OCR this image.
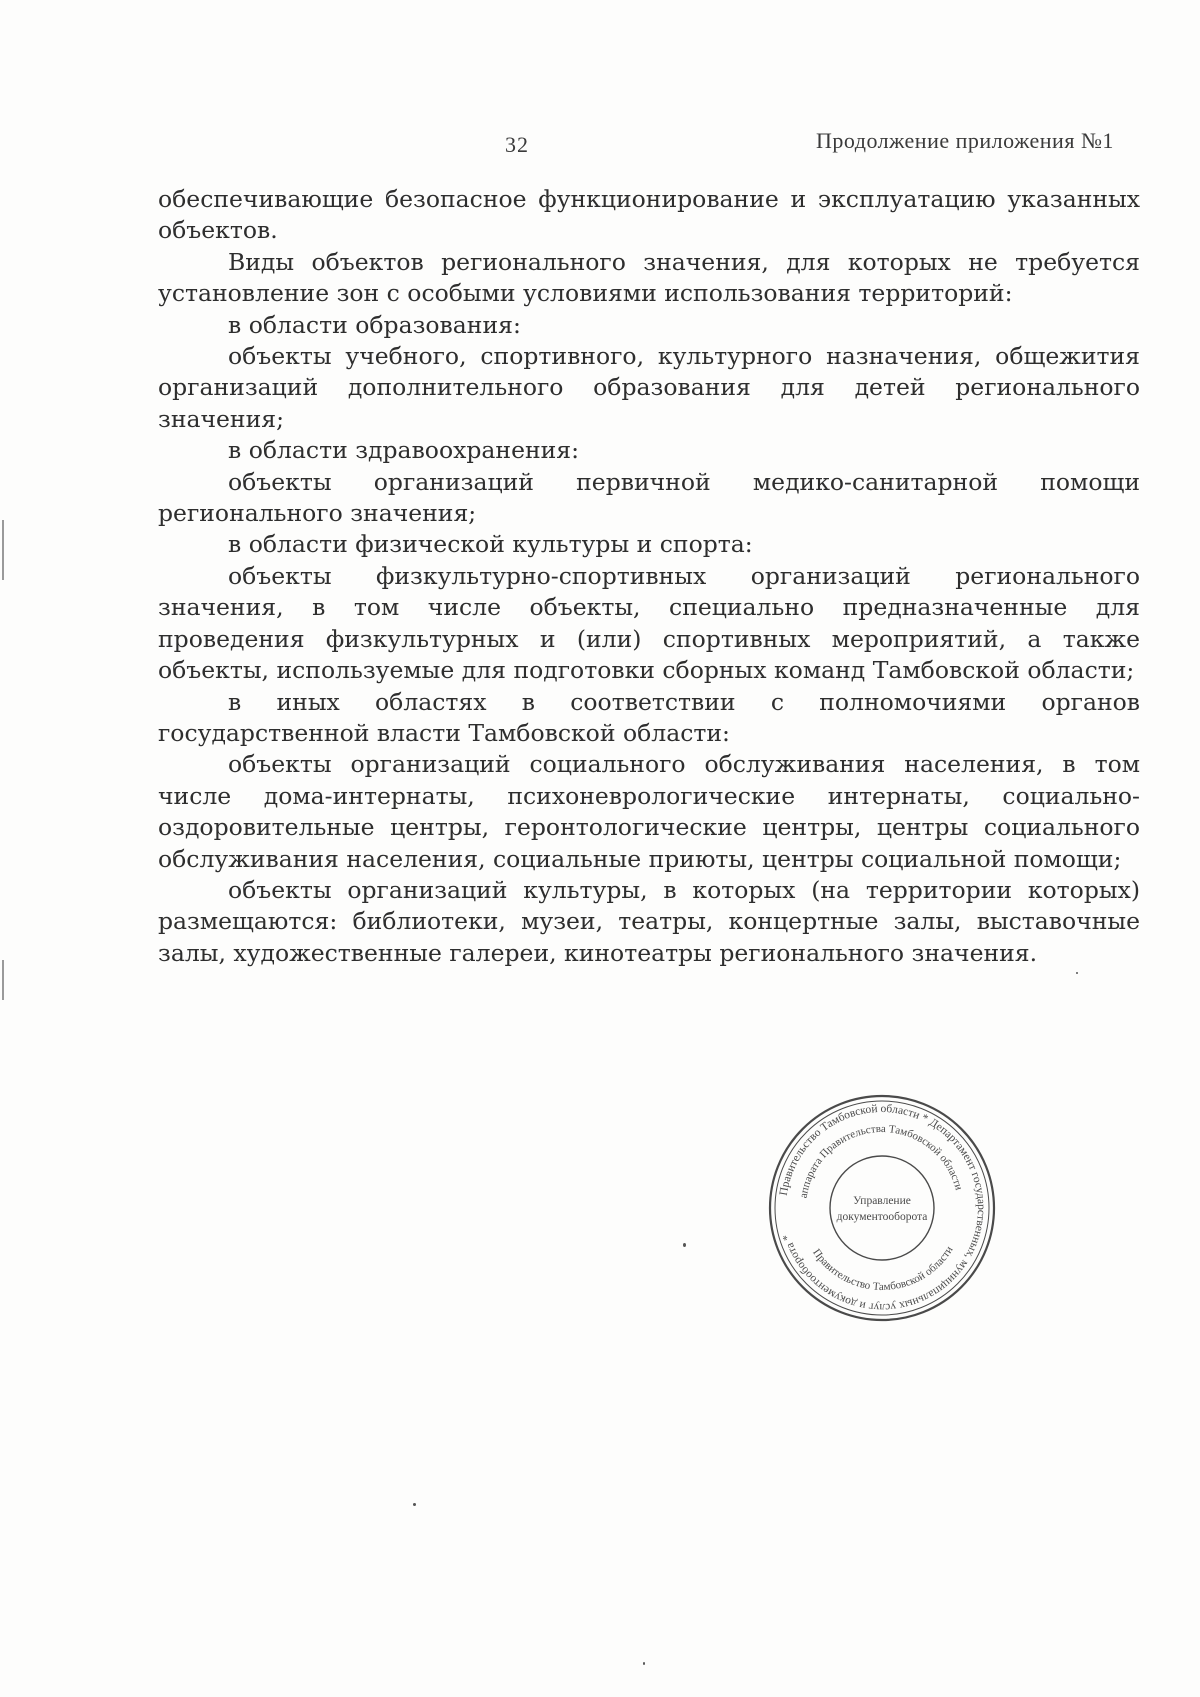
32	Продолжение приложения №1

обеспечивающие безопасное функционирование и эксплуатацию указанных объектов.

Виды объектов регионального значения, для которых не требуется установление зон с особыми условиями использования территорий:

в области образования:

объекты учебного, спортивного, культурного назначения, общежития организаций дополнительного образования для детей регионального значения;

в области здравоохранения:

объекты организаций первичной медико-санитарной помощи регионального значения;

в области физической культуры и спорта:

объекты физкультурно-спортивных организаций регионального значения, в том числе объекты, специально предназначенные для проведения физкультурных и (или) спортивных мероприятий, а также объекты, используемые для подготовки сборных команд Тамбовской области;

в иных областях в соответствии с полномочиями органов государственной власти Тамбовской области:

объекты организаций социального обслуживания населения, в том числе дома-интернаты, психоневрологические интернаты, социально-оздоровительные центры, геронтологические центры, центры социального обслуживания населения, социальные приюты, центры социальной помощи;

объекты организаций культуры, в которых (на территории которых) размещаются: библиотеки, музеи, театры, концертные залы, выставочные залы, художественные галереи, кинотеатры регионального значения.

Правительство Тамбовской области * Департамент государственных, муниципальных услуг и документооборота *
аппарата Правительства Тамбовской области
Правительство Тамбовской области
Управление
документооборота
